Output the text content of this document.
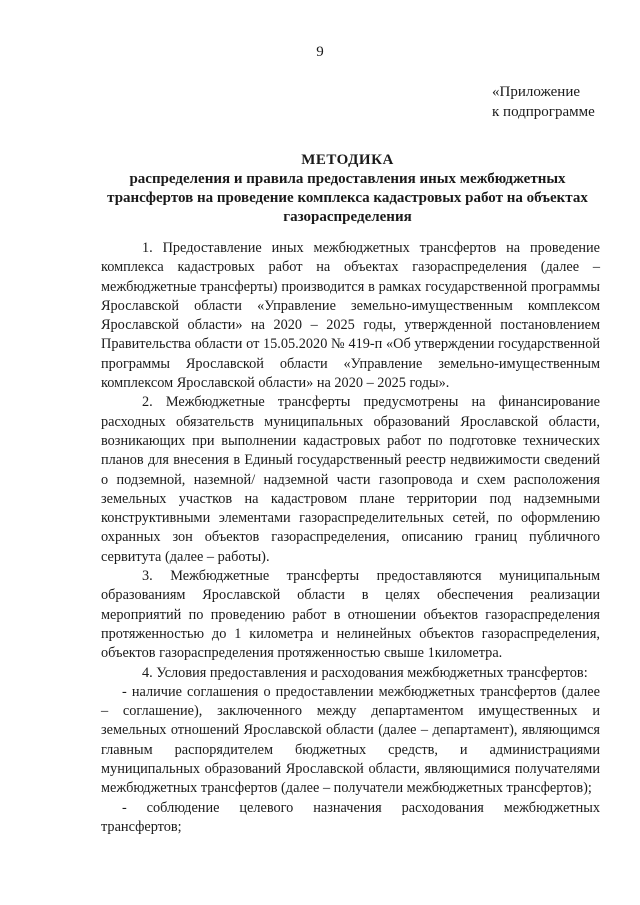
9
«Приложение
к подпрограмме
МЕТОДИКА
распределения и правила предоставления иных межбюджетных трансфертов на проведение комплекса кадастровых работ на объектах газораспределения

1. Предоставление иных межбюджетных трансфертов на проведение комплекса кадастровых работ на объектах газораспределения (далее – межбюджетные трансферты) производится в рамках государственной программы Ярославской области «Управление земельно-имущественным комплексом Ярославской области» на 2020 – 2025 годы, утвержденной постановлением Правительства области от 15.05.2020 № 419-п «Об утверждении государственной программы Ярославской области «Управление земельно-имущественным комплексом Ярославской области» на 2020 – 2025 годы».

2. Межбюджетные трансферты предусмотрены на финансирование расходных обязательств муниципальных образований Ярославской области, возникающих при выполнении кадастровых работ по подготовке технических планов для внесения в Единый государственный реестр недвижимости сведений о подземной, наземной/ надземной части газопровода и схем расположения земельных участков на кадастровом плане территории под надземными конструктивными элементами газораспределительных сетей, по оформлению охранных зон объектов газораспределения, описанию границ публичного сервитута (далее – работы).

3. Межбюджетные трансферты предоставляются муниципальным образованиям Ярославской области в целях обеспечения реализации мероприятий по проведению работ в отношении объектов газораспределения протяженностью до 1 километра и нелинейных объектов газораспределения, объектов газораспределения протяженностью свыше 1километра.

4. Условия предоставления и расходования межбюджетных трансфертов:

- наличие соглашения о предоставлении межбюджетных трансфертов (далее – соглашение), заключенного между департаментом имущественных и земельных отношений Ярославской области (далее – департамент), являющимся главным распорядителем бюджетных средств, и администрациями муниципальных образований Ярославской области, являющимися получателями межбюджетных трансфертов (далее – получатели межбюджетных трансфертов);

- соблюдение целевого назначения расходования межбюджетных трансфертов;
